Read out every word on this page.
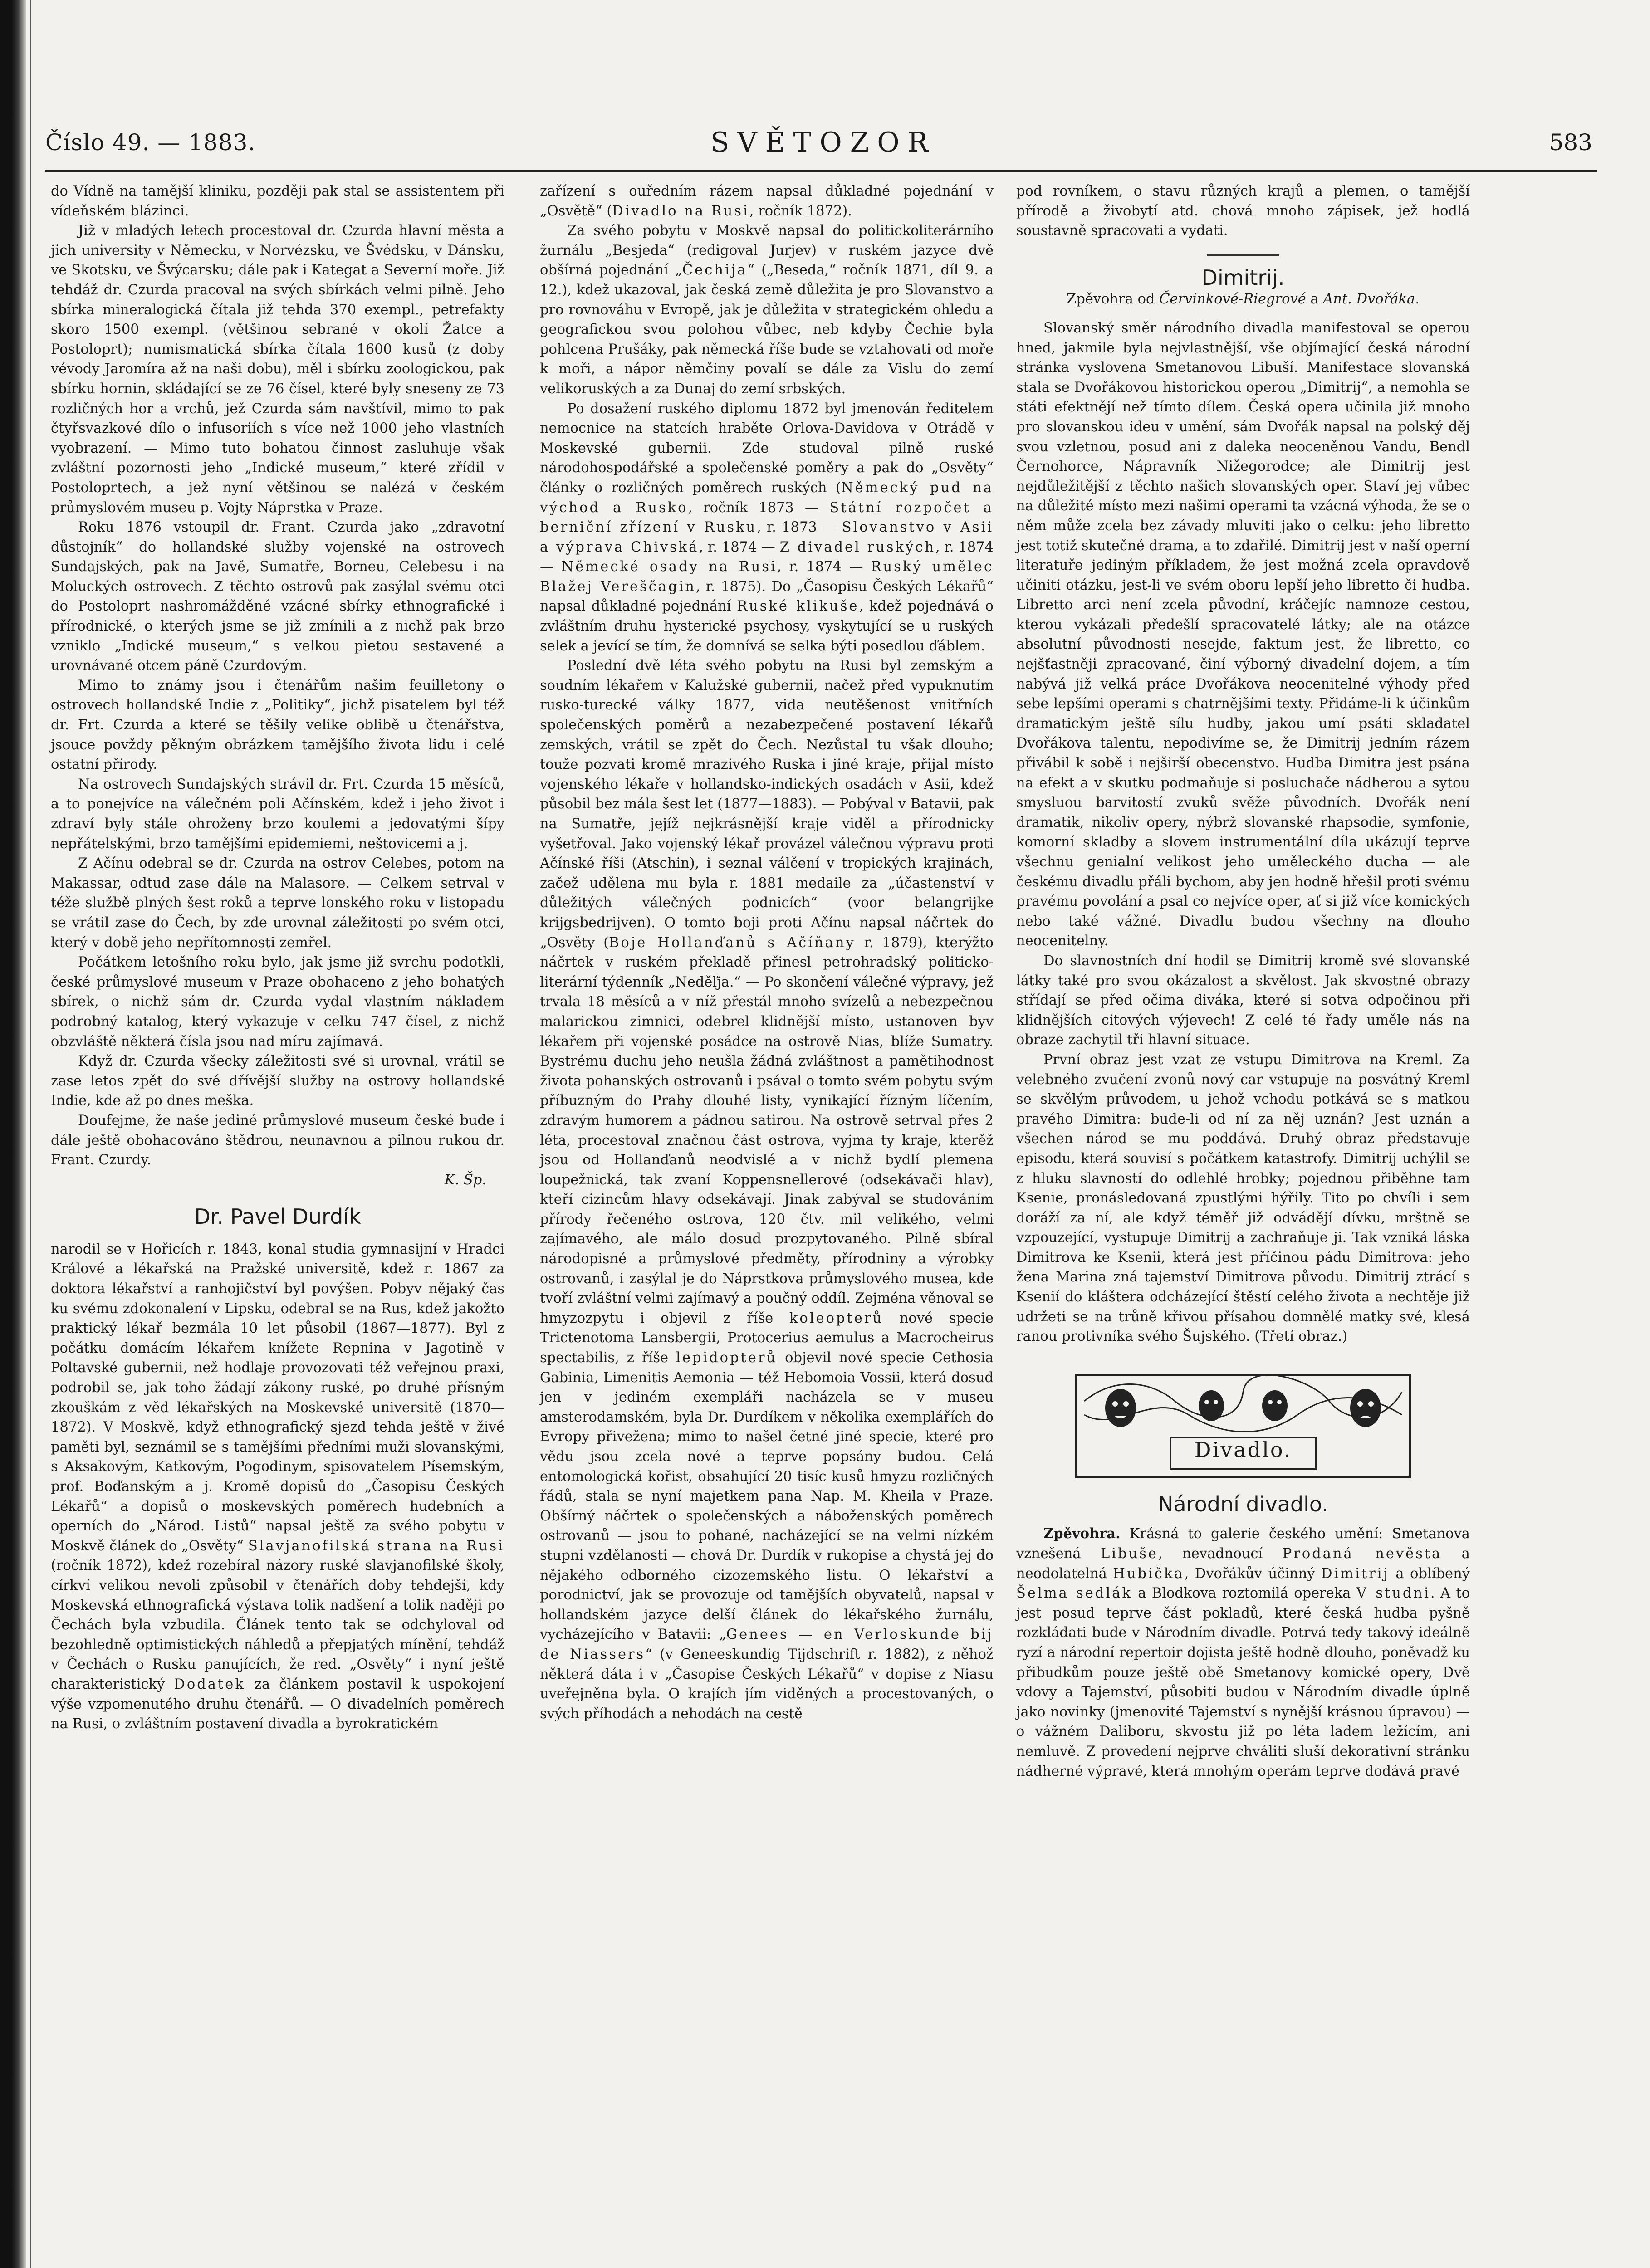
Číslo 49. — 1883.	SVĚTOZOR	583

do Vídně na tamější kliniku, později pak stal se assistentem při vídeňském blázinci.

Již v mladých letech procestoval dr. Czurda hlavní města a jich university v Německu, v Norvézsku, ve Švédsku, v Dánsku, ve Skotsku, ve Švýcarsku; dále pak i Kategat a Severní moře. Již tehdáž dr. Czurda pracoval na svých sbírkách velmi pilně. Jeho sbírka mineralogická čítala již tehda 370 exempl., petrefakty skoro 1500 exempl. (většinou sebrané v okolí Žatce a Postoloprt); numismatická sbírka čítala 1600 kusů (z doby vévody Jaromíra až na naši dobu), měl i sbírku zoologickou, pak sbírku hornin, skládající se ze 76 čísel, které byly sneseny ze 73 rozličných hor a vrchů, jež Czurda sám navštívil, mimo to pak čtyřsvazkové dílo o infusoriích s více než 1000 jeho vlastních vyobrazení. — Mimo tuto bohatou činnost zasluhuje však zvláštní pozornosti jeho „Indické museum,“ které zřídil v Postoloprtech, a jež nyní většinou se nalézá v českém průmyslovém museu p. Vojty Náprstka v Praze.

Roku 1876 vstoupil dr. Frant. Czurda jako „zdravotní důstojník“ do hollandské služby vojenské na ostrovech Sundajských, pak na Javě, Sumatře, Borneu, Celebesu i na Moluckých ostrovech. Z těchto ostrovů pak zasýlal svému otci do Postoloprt nashromážděné vzácné sbírky ethnografické i přírodnické, o kterých jsme se již zmínili a z nichž pak brzo vzniklo „Indické museum,“ s velkou pietou sestavené a urovnávané otcem páně Czurdovým.

Mimo to známy jsou i čtenářům našim feuilletony o ostrovech hollandské Indie z „Politiky“, jichž pisatelem byl též dr. Frt. Czurda a které se těšily velike oblibě u čtenářstva, jsouce povždy pěkným obrázkem tamějšího života lidu i celé ostatní přírody.

Na ostrovech Sundajských strávil dr. Frt. Czurda 15 měsíců, a to ponejvíce na válečném poli Ačínském, kdež i jeho život i zdraví byly stále ohroženy brzo koulemi a jedovatými šípy nepřátelskými, brzo tamějšími epidemiemi, neštovicemi a j.

Z Ačínu odebral se dr. Czurda na ostrov Celebes, potom na Makassar, odtud zase dále na Malasore. — Celkem setrval v téže službě plných šest roků a teprve lonského roku v listopadu se vrátil zase do Čech, by zde urovnal záležitosti po svém otci, který v době jeho nepřítomnosti zemřel.

Počátkem letošního roku bylo, jak jsme již svrchu podotkli, české průmyslové museum v Praze obohaceno z jeho bohatých sbírek, o nichž sám dr. Czurda vydal vlastním nákladem podrobný katalog, který vykazuje v celku 747 čísel, z nichž obzvláště některá čísla jsou nad míru zajímavá.

Když dr. Czurda všecky záležitosti své si urovnal, vrátil se zase letos zpět do své dřívější služby na ostrovy hollandské Indie, kde až po dnes meška.

Doufejme, že naše jediné průmyslové museum české bude i dále ještě obohacováno štědrou, neunavnou a pilnou rukou dr. Frant. Czurdy.
K. Šp.

Dr. Pavel Durdík

narodil se v Hořicích r. 1843, konal studia gymnasijní v Hradci Králové a lékařská na Pražské universitě, kdež r. 1867 za doktora lékařství a ranhojičství byl povýšen. Pobyv nějaký čas ku svému zdokonalení v Lipsku, odebral se na Rus, kdež jakožto praktický lékař bezmála 10 let působil (1867—1877). Byl z počátku domácím lékařem knížete Repnina v Jagotině v Poltavské gubernii, než hodlaje provozovati též veřejnou praxi, podrobil se, jak toho žádají zákony ruské, po druhé přísným zkouškám z věd lékařských na Moskevské universitě (1870—1872). V Moskvě, když ethnografický sjezd tehda ještě v živé paměti byl, seznámil se s tamějšími předními muži slovanskými, s Aksakovým, Katkovým, Pogodinym, spisovatelem Písemským, prof. Boďanským a j. Kromě dopisů do „Časopisu Českých Lékařů“ a dopisů o moskevských poměrech hudebních a operních do „Národ. Listů“ napsal ještě za svého pobytu v Moskvě článek do „Osvěty“ Slavjanofilská strana na Rusi (ročník 1872), kdež rozebíral názory ruské slavjanofilské školy, církví velikou nevoli způsobil v čtenářích doby tehdejší, kdy Moskevská ethnografická výstava tolik nadšení a tolik naději po Čechách byla vzbudila. Článek tento tak se odchyloval od bezohledně optimistických náhledů a přepjatých mínění, tehdáž v Čechách o Rusku panujících, že red. „Osvěty“ i nyní ještě charakteristický Dodatek za článkem postavil k uspokojení výše vzpomenutého druhu čtenářů. — O divadelních poměrech na Rusi, o zvláštním postavení divadla a byrokratickém

zařízení s ouředním rázem napsal důkladné pojednání v „Osvětě“ (Divadlo na Rusi, ročník 1872).

Za svého pobytu v Moskvě napsal do politickoliterárního žurnálu „Besjeda“ (redigoval Jurjev) v ruském jazyce dvě obšírná pojednání „Čechija“ („Beseda,“ ročník 1871, díl 9. a 12.), kdež ukazoval, jak česká země důležita je pro Slovanstvo a pro rovnováhu v Evropě, jak je důležita v strategickém ohledu a geografickou svou polohou vůbec, neb kdyby Čechie byla pohlcena Prušáky, pak německá říše bude se vztahovati od moře k moři, a nápor němčiny povalí se dále za Vislu do zemí velikoruských a za Dunaj do zemí srbských.

Po dosažení ruského diplomu 1872 byl jmenován ředitelem nemocnice na statcích hraběte Orlova-Davidova v Otrádě v Moskevské gubernii. Zde studoval pilně ruské národohospodářské a společenské poměry a pak do „Osvěty“ články o rozličných poměrech ruských (Německý pud na východ a Rusko, ročník 1873 — Státní rozpočet a berniční zřízení v Rusku, r. 1873 — Slovanstvo v Asii a výprava Chivská, r. 1874 — Z divadel ruských, r. 1874 — Německé osady na Rusi, r. 1874 — Ruský umělec Blažej Vereščagin, r. 1875). Do „Časopisu Českých Lékařů“ napsal důkladné pojednání Ruské klikuše, kdež pojednává o zvláštním druhu hysterické psychosy, vyskytující se u ruských selek a jevící se tím, že domnívá se selka býti posedlou ďáblem.

Poslední dvě léta svého pobytu na Rusi byl zemským a soudním lékařem v Kalužské gubernii, načež před vypuknutím rusko-turecké války 1877, vida neutěšenost vnitřních společenských poměrů a nezabezpečené postavení lékařů zemských, vrátil se zpět do Čech. Nezůstal tu však dlouho; touže pozvati kromě mrazivého Ruska i jiné kraje, přijal místo vojenského lékaře v hollandsko-indických osadách v Asii, kdež působil bez mála šest let (1877—1883). — Pobýval v Batavii, pak na Sumatře, jejíž nejkrásnější kraje viděl a přírodnicky vyšetřoval. Jako vojenský lékař provázel válečnou výpravu proti Ačínské říši (Atschin), i seznal válčení v tropických krajinách, začež udělena mu byla r. 1881 medaile za „účastenství v důležitých válečných podnicích“ (voor belangrijke krijgsbedrijven). O tomto boji proti Ačínu napsal náčrtek do „Osvěty (Boje Hollanďanů s Ačíňany r. 1879), kterýžto náčrtek v ruském překladě přinesl petrohradský politicko-literární týdenník „Neděľja.“ — Po skončení válečné výpravy, jež trvala 18 měsíců a v níž přestál mnoho svízelů a nebezpečnou malarickou zimnici, odebrel klidnější místo, ustanoven byv lékařem při vojenské posádce na ostrově Nias, blíže Sumatry. Bystrému duchu jeho neušla žádná zvláštnost a pamětihodnost života pohanských ostrovanů i psával o tomto svém pobytu svým příbuzným do Prahy dlouhé listy, vynikající řízným líčením, zdravým humorem a pádnou satirou. Na ostrově setrval přes 2 léta, procestoval značnou část ostrova, vyjma ty kraje, kterěž jsou od Hollanďanů neodvislé a v nichž bydlí plemena loupežnická, tak zvaní Koppensnellerové (odsekávači hlav), kteří cizincům hlavy odsekávají. Jinak zabýval se studováním přírody řečeného ostrova, 120 čtv. mil velikého, velmi zajímavého, ale málo dosud prozpytovaného. Pilně sbíral národopisné a průmyslové předměty, přírodniny a výrobky ostrovanů, i zasýlal je do Náprstkova průmyslového musea, kde tvoří zvláštní velmi zajímavý a poučný oddíl. Zejména věnoval se hmyzozpytu i objevil z říše koleopterů nové specie Trictenotoma Lansbergii, Protocerius aemulus a Macrocheirus spectabilis, z říše lepidopterů objevil nové specie Cethosia Gabinia, Limenitis Aemonia — též Hebomoia Vossii, která dosud jen v jediném exempláři nacházela se v museu amsterodamském, byla Dr. Durdíkem v několika exemplářích do Evropy přivežena; mimo to našel četné jiné specie, které pro vědu jsou zcela nové a teprve popsány budou. Celá entomologická kořist, obsahující 20 tisíc kusů hmyzu rozličných řádů, stala se nyní majetkem pana Nap. M. Kheila v Praze. Obšírný náčrtek o společenských a náboženských poměrech ostrovanů — jsou to pohané, nacházející se na velmi nízkém stupni vzdělanosti — chová Dr. Durdík v rukopise a chystá jej do nějakého odborného cizozemského listu. O lékařství a porodnictví, jak se provozuje od tamějších obyvatelů, napsal v hollandském jazyce delší článek do lékařského žurnálu, vycházejícího v Batavii: „Genees — en Verloskunde bij de Niassers“ (v Geneeskundig Tijdschrift r. 1882), z něhož některá dáta i v „Časopise Českých Lékařů“ v dopise z Niasu uveřejněna byla. O krajích jím viděných a procestovaných, o svých příhodách a nehodách na cestě

pod rovníkem, o stavu různých krajů a plemen, o tamější přírodě a živobytí atd. chová mnoho zápisek, jež hodlá soustavně spracovati a vydati.

Dimitrij.
Zpěvohra od Červinkové-Riegrové a Ant. Dvořáka.

Slovanský směr národního divadla manifestoval se operou hned, jakmile byla nejvlastnější, vše objímající česká národní stránka vyslovena Smetanovou Libuší. Manifestace slovanská stala se Dvořákovou historickou operou „Dimitrij“, a nemohla se státi efektnějí než tímto dílem. Česká opera učinila již mnoho pro slovanskou ideu v umění, sám Dvořák napsal na polský děj svou vzletnou, posud ani z daleka neoceněnou Vandu, Bendl Černohorce, Nápravník Nižegorodce; ale Dimitrij jest nejdůležitější z těchto našich slovanských oper. Staví jej vůbec na důležité místo mezi našimi operami ta vzácná výhoda, že se o něm může zcela bez závady mluviti jako o celku: jeho libretto jest totiž skutečné drama, a to zdařilé. Dimitrij jest v naší operní literatuře jediným příkladem, že jest možná zcela opravdově učiniti otázku, jest-li ve svém oboru lepší jeho libretto či hudba. Libretto arci není zcela původní, kráčejíc namnoze cestou, kterou vykázali předešlí spracovatelé látky; ale na otázce absolutní původnosti nesejde, faktum jest, že libretto, co nejšťastněji zpracované, činí výborný divadelní dojem, a tím nabývá již velká práce Dvořákova neocenitelné výhody před sebe lepšími operami s chatrnějšími texty. Přidáme-li k účinkům dramatickým ještě sílu hudby, jakou umí psáti skladatel Dvořákova talentu, nepodivíme se, že Dimitrij jedním rázem přivábil k sobě i nejširší obecenstvo. Hudba Dimitra jest psána na efekt a v skutku podmaňuje si posluchače nádherou a sytou smysluou barvitostí zvuků svěže původních. Dvořák není dramatik, nikoliv opery, nýbrž slovanské rhapsodie, symfonie, komorní skladby a slovem instrumentální díla ukázují teprve všechnu genialní velikost jeho uměleckého ducha — ale českému divadlu přáli bychom, aby jen hodně hřešil proti svému pravému povolání a psal co nejvíce oper, ať si již více komických nebo také vážné. Divadlu budou všechny na dlouho neocenitelny.

Do slavnostních dní hodil se Dimitrij kromě své slovanské látky také pro svou okázalost a skvělost. Jak skvostné obrazy střídají se před očima diváka, které si sotva odpočinou při klidnějších citových výjevech! Z celé té řady uměle nás na obraze zachytil tři hlavní situace.

První obraz jest vzat ze vstupu Dimitrova na Kreml. Za velebného zvučení zvonů nový car vstupuje na posvátný Kreml se skvělým průvodem, u jehož vchodu potkává se s matkou pravého Dimitra: bude-li od ní za něj uznán? Jest uznán a všechen národ se mu poddává. Druhý obraz představuje episodu, která souvisí s počátkem katastrofy. Dimitrij uchýlil se z hluku slavností do odlehlé hrobky; pojednou přiběhne tam Ksenie, pronásledovaná zpustlými hýřily. Tito po chvíli i sem doráží za ní, ale když téměř již odvádějí dívku, mrštně se vzpouzející, vystupuje Dimitrij a zachraňuje ji. Tak vzniká láska Dimitrova ke Ksenii, která jest příčinou pádu Dimitrova: jeho žena Marina zná tajemství Dimitrova původu. Dimitrij ztrácí s Ksenií do kláštera odcházející štěstí celého života a nechtěje již udržeti se na trůně křivou přísahou domnělé matky své, klesá ranou protivníka svého Šujského. (Třetí obraz.)

Divadlo.
Národní divadlo.

Zpěvohra. Krásná to galerie českého umění: Smetanova vznešená Libuše, nevadnoucí Prodaná nevěsta a neodolatelná Hubička, Dvořákův účinný Dimitrij a oblíbený Šelma sedlák a Blodkova roztomilá opereka V studni. A to jest posud teprve část pokladů, které česká hudba pyšně rozkládati bude v Národním divadle. Potrvá tedy takový ideálně ryzí a národní repertoir dojista ještě hodně dlouho, poněvadž ku přibudkům pouze ještě obě Smetanovy komické opery, Dvě vdovy a Tajemství, působiti budou v Národním divadle úplně jako novinky (jmenovité Tajemství s nynější krásnou úpravou) — o vážném Daliboru, skvostu již po léta ladem ležícím, ani nemluvě. Z provedení nejprve chváliti sluší dekorativní stránku nádherné výpravé, která mnohým operám teprve dodává pravé
